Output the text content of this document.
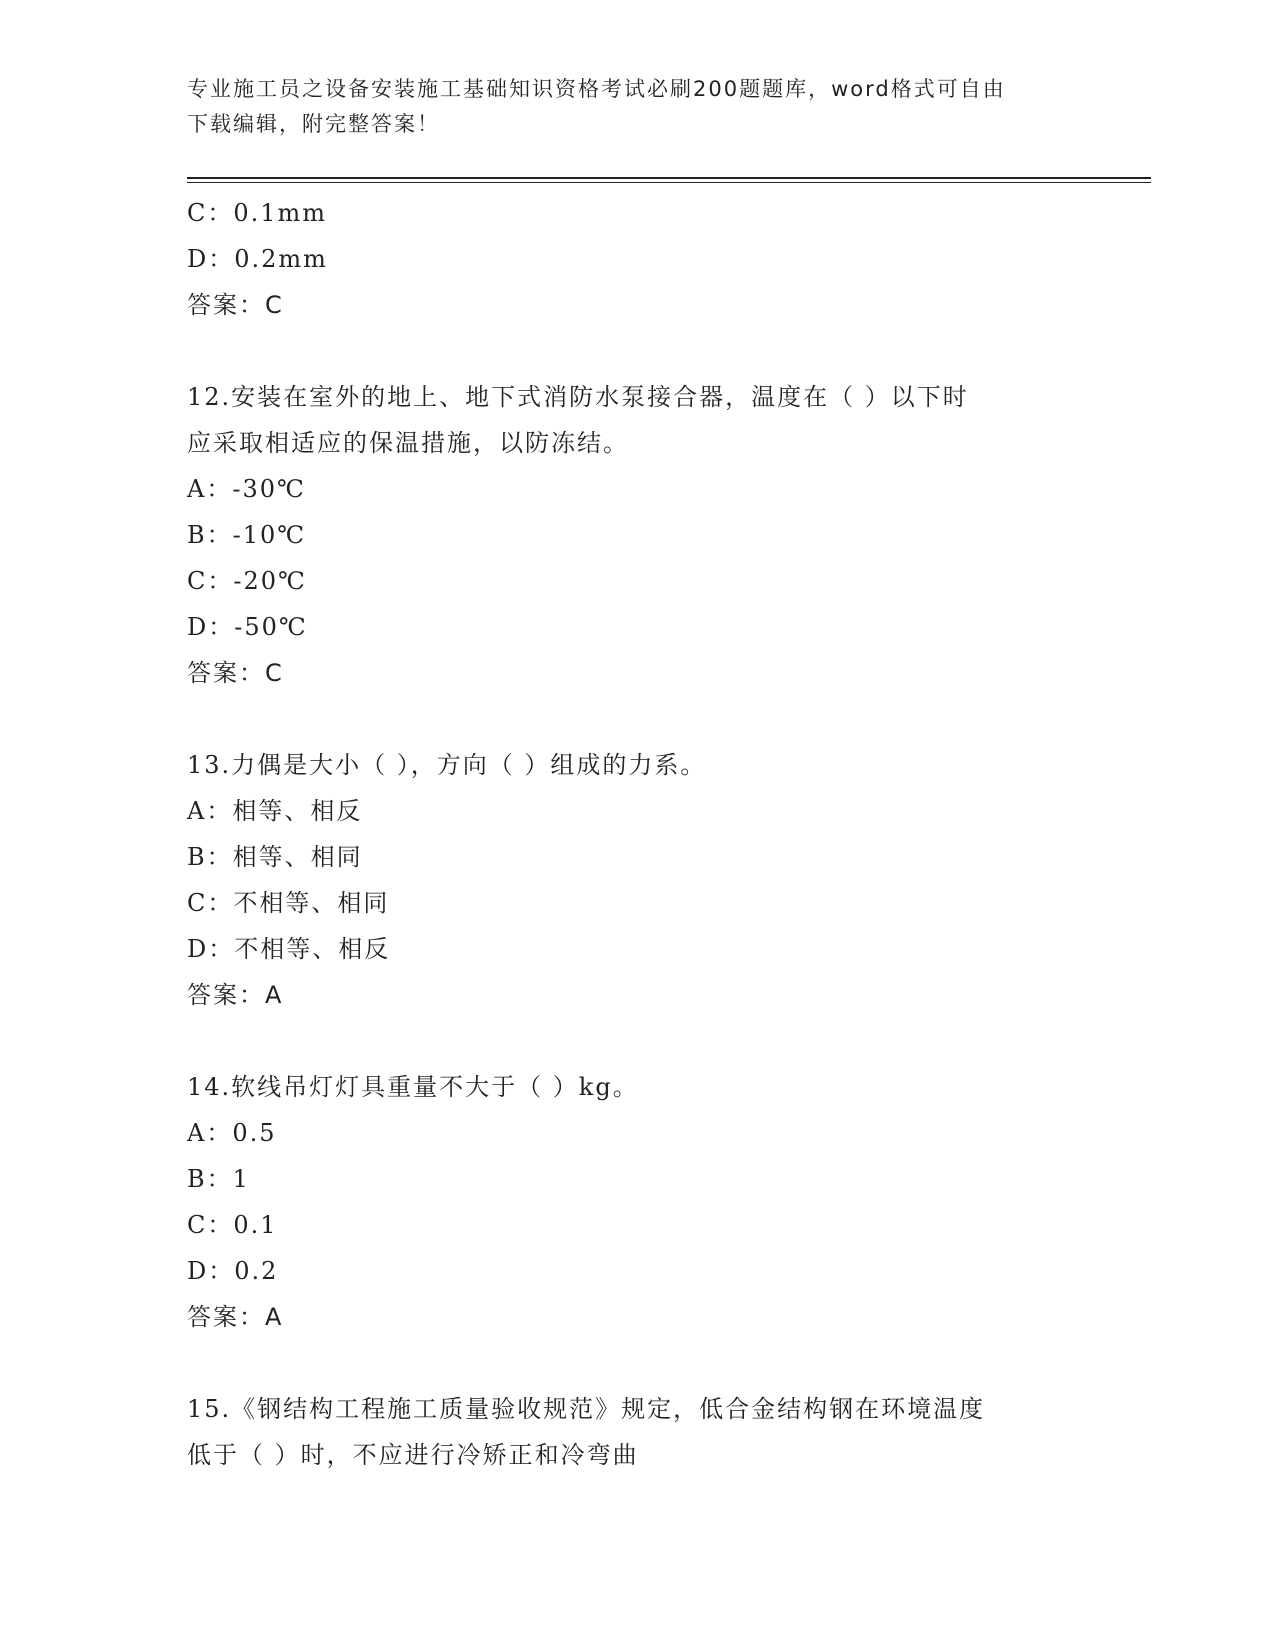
专业施工员之设备安装施工基础知识资格考试必刷200题题库，word格式可自由
下载编辑，附完整答案！
C：0.1mm
D：0.2mm
答案：C
12.安装在室外的地上、地下式消防水泵接合器，温度在（ ）以下时
应采取相适应的保温措施，以防冻结。
A：-30℃
B：-10℃
C：-20℃
D：-50℃
答案：C
13.力偶是大小（ ），方向（ ）组成的力系。
A：相等、相反
B：相等、相同
C：不相等、相同
D：不相等、相反
答案：A
14.软线吊灯灯具重量不大于（ ）kg。
A：0.5
B：1
C：0.1
D：0.2
答案：A
15.《钢结构工程施工质量验收规范》规定，低合金结构钢在环境温度
低于（ ）时，不应进行冷矫正和冷弯曲
